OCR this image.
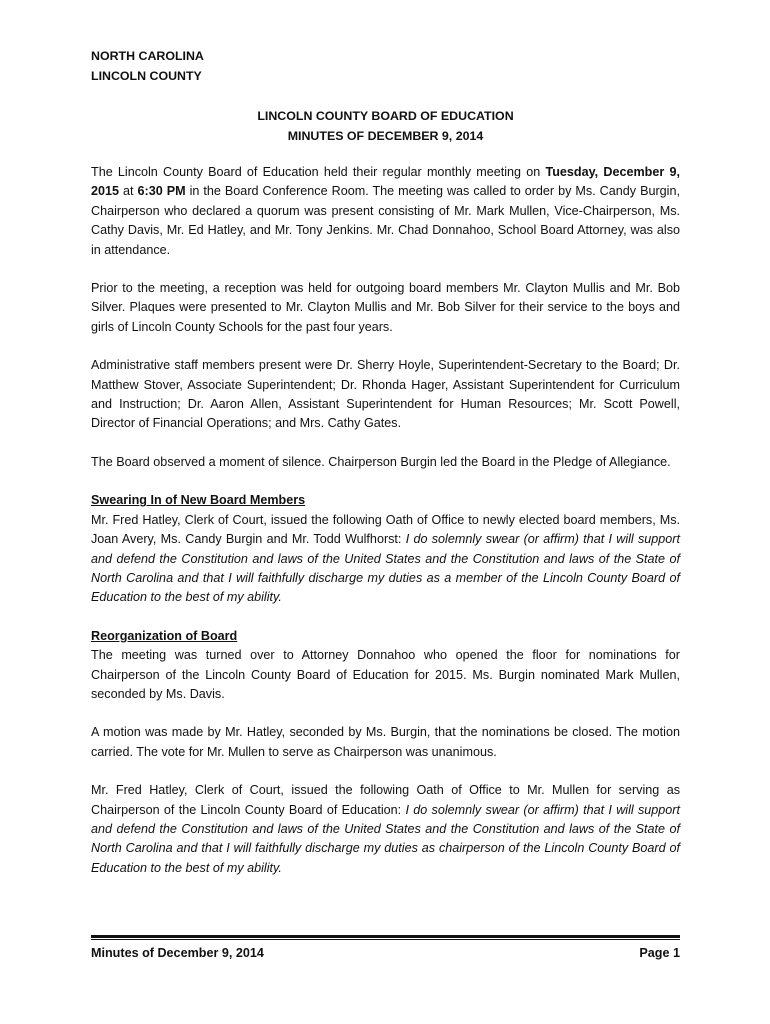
NORTH CAROLINA
LINCOLN COUNTY
LINCOLN COUNTY BOARD OF EDUCATION
MINUTES OF DECEMBER 9, 2014
The Lincoln County Board of Education held their regular monthly meeting on Tuesday, December 9, 2015 at 6:30 PM in the Board Conference Room. The meeting was called to order by Ms. Candy Burgin, Chairperson who declared a quorum was present consisting of Mr. Mark Mullen, Vice-Chairperson, Ms. Cathy Davis, Mr. Ed Hatley, and Mr. Tony Jenkins. Mr. Chad Donnahoo, School Board Attorney, was also in attendance.
Prior to the meeting, a reception was held for outgoing board members Mr. Clayton Mullis and Mr. Bob Silver. Plaques were presented to Mr. Clayton Mullis and Mr. Bob Silver for their service to the boys and girls of Lincoln County Schools for the past four years.
Administrative staff members present were Dr. Sherry Hoyle, Superintendent-Secretary to the Board; Dr. Matthew Stover, Associate Superintendent; Dr. Rhonda Hager, Assistant Superintendent for Curriculum and Instruction; Dr. Aaron Allen, Assistant Superintendent for Human Resources; Mr. Scott Powell, Director of Financial Operations; and Mrs. Cathy Gates.
The Board observed a moment of silence. Chairperson Burgin led the Board in the Pledge of Allegiance.
Swearing In of New Board Members
Mr. Fred Hatley, Clerk of Court, issued the following Oath of Office to newly elected board members, Ms. Joan Avery, Ms. Candy Burgin and Mr. Todd Wulfhorst: I do solemnly swear (or affirm) that I will support and defend the Constitution and laws of the United States and the Constitution and laws of the State of North Carolina and that I will faithfully discharge my duties as a member of the Lincoln County Board of Education to the best of my ability.
Reorganization of Board
The meeting was turned over to Attorney Donnahoo who opened the floor for nominations for Chairperson of the Lincoln County Board of Education for 2015. Ms. Burgin nominated Mark Mullen, seconded by Ms. Davis.
A motion was made by Mr. Hatley, seconded by Ms. Burgin, that the nominations be closed. The motion carried. The vote for Mr. Mullen to serve as Chairperson was unanimous.
Mr. Fred Hatley, Clerk of Court, issued the following Oath of Office to Mr. Mullen for serving as Chairperson of the Lincoln County Board of Education: I do solemnly swear (or affirm) that I will support and defend the Constitution and laws of the United States and the Constitution and laws of the State of North Carolina and that I will faithfully discharge my duties as chairperson of the Lincoln County Board of Education to the best of my ability.
Minutes of December 9, 2014	Page 1
